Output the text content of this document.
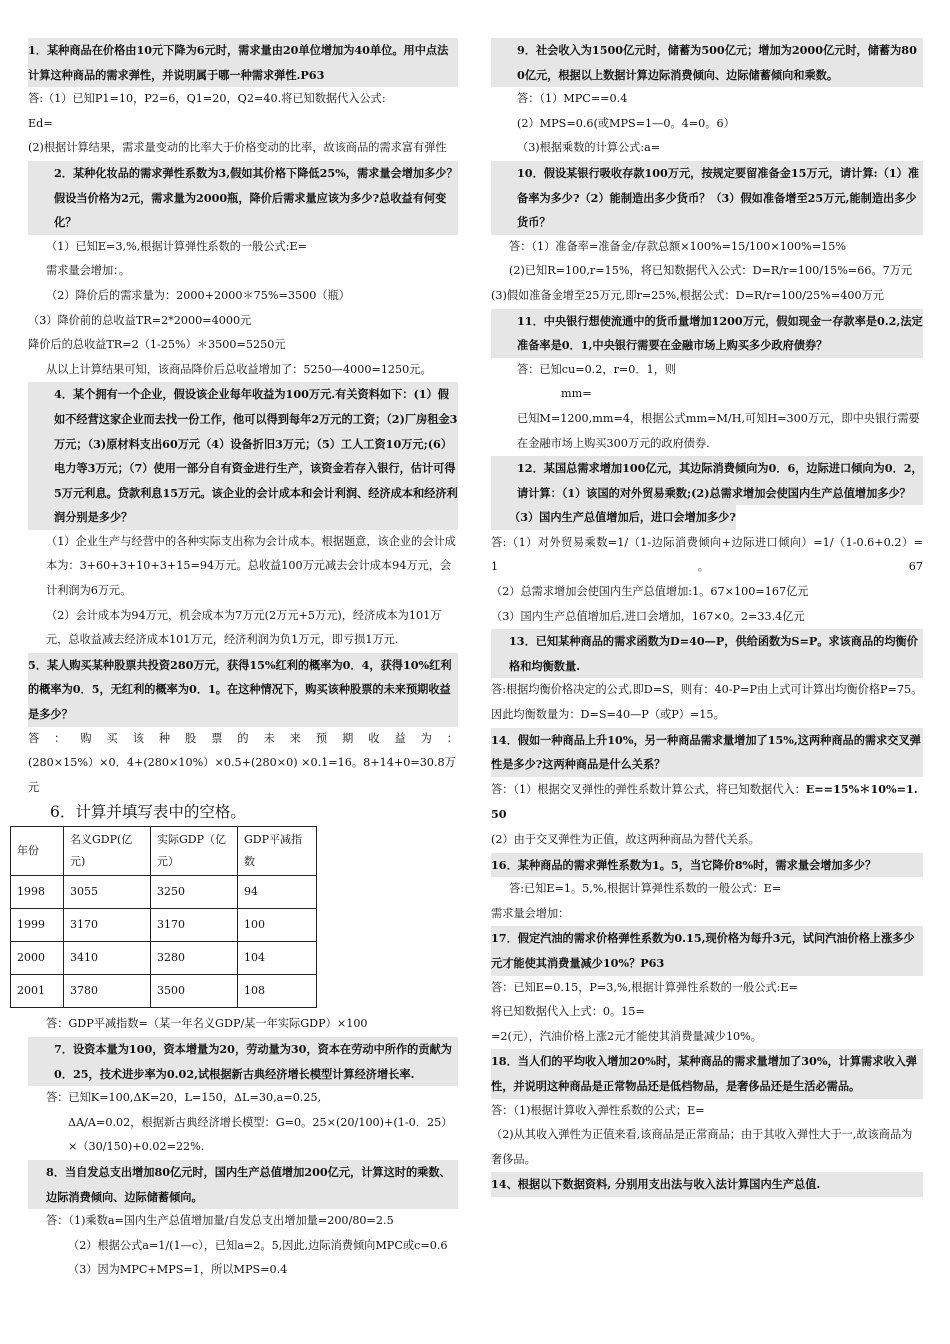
1．某种商品在价格由10元下降为6元时，需求量由20单位增加为40单位。用中点法计算这种商品的需求弹性，并说明属于哪一种需求弹性.P63

答:（1）已知P1=10，P2=6，Q1=20，Q2=40.将已知数据代入公式:

Ed=

(2)根据计算结果，需求量变动的比率大于价格变动的比率，故该商品的需求富有弹性

2．某种化妆品的需求弹性系数为3,假如其价格下降低25%，需求量会增加多少？假设当价格为2元，需求量为2000瓶，降价后需求量应该为多少?总收益有何变化？

（1）已知E=3,%,根据计算弹性系数的一般公式:E=

需求量会增加：。

（2）降价后的需求量为：2000+2000＊75%=3500（瓶）

（3）降价前的总收益TR=2*2000=4000元

降价后的总收益TR=2（1-25%）＊3500=5250元

从以上计算结果可知，该商品降价后总收益增加了：5250—4000=1250元。

4．某个拥有一个企业，假设该企业每年收益为100万元.有关资料如下：(1）假如不经营这家企业而去找一份工作，他可以得到每年2万元的工资；（2)厂房租金3万元；（3)原材料支出60万元（4）设备折旧3万元；（5）工人工资10万元;(6）电力等3万元；（7）使用一部分自有资金进行生产，该资金若存入银行，估计可得5万元利息。贷款利息15万元。该企业的会计成本和会计利润、经济成本和经济利润分别是多少？

（1）企业生产与经营中的各种实际支出称为会计成本。根据题意，该企业的会计成本为：3+60+3+10+3+15=94万元。总收益100万元减去会计成本94万元，会计利润为6万元。

（2）会计成本为94万元，机会成本为7万元(2万元+5万元)，经济成本为101万元，总收益减去经济成本101万元，经济利润为负1万元，即亏损1万元.

5．某人购买某种股票共投资280万元，获得15%红利的概率为0．4，获得10%红利的概率为0．5，无红利的概率为0．1。在这种情况下，购买该种股票的未来预期收益是多少？

答：购买该种股票的未来预期收益为：

(280×15%）×0．4+(280×10%）×0.5+(280×0) ×0.1=16。8+14+0=30.8万元

6．计算并填写表中的空格。

年份	名义GDP(亿元)	实际GDP（亿元）	GDP平减指数
1998	3055	3250	94
1999	3170	3170	100
2000	3410	3280	104
2001	3780	3500	108

答：GDP平减指数=（某一年名义GDP/某一年实际GDP）×100

7．设资本量为100，资本增量为20，劳动量为30，资本在劳动中所作的贡献为0．25，技术进步率为0.02,试根据新古典经济增长模型计算经济增长率.

答：已知K=100,ΔK=20，L=150，ΔL=30,a=0.25,

ΔA/A=0.02，根据新古典经济增长模型：G=0。25×(20/100)+(1-0．25）×（30/150)+0.02=22%.

8．当自发总支出增加80亿元时，国内生产总值增加200亿元，计算这时的乘数、边际消费倾向、边际储蓄倾向。

答：（1)乘数a=国内生产总值增加量/自发总支出增加量=200/80=2.5

（2）根据公式a=1/(1—c），已知a=2。5,因此,边际消费倾向MPC或c=0.6

（3）因为MPC+MPS=1，所以MPS=0.4

9．社会收入为1500亿元时，储蓄为500亿元；增加为2000亿元时，储蓄为800亿元，根据以上数据计算边际消费倾向、边际储蓄倾向和乘数。

答：（1）MPC==0.4

(2）MPS=0.6(或MPS=1—0。4=0。6）

（3)根据乘数的计算公式:a=

10．假设某银行吸收存款100万元，按规定要留准备金15万元，请计算:（1）准备率为多少?（2）能制造出多少货币？（3）假如准备增至25万元,能制造出多少货币？

答：（1）准备率=准备金/存款总额×100%=15/100×100%=15%

(2)已知R=100,r=15%，将已知数据代入公式：D=R/r=100/15%=66。7万元

(3)假如准备金增至25万元,即r=25%,根据公式：D=R/r=100/25%=400万元

11．中央银行想使流通中的货币量增加1200万元，假如现金一存款率是0.2,法定准备率是0．1,中央银行需要在金融市场上购买多少政府债券？

答：已知cu=0.2，r=0．1，则

mm=

已知M=1200,mm=4，根据公式mm=M/H,可知H=300万元，即中央银行需要在金融市场上购买300万元的政府债券.

12．某国总需求增加100亿元，其边际消费倾向为0．6，边际进口倾向为0．2，请计算：（1）该国的对外贸易乘数;(2)总需求增加会使国内生产总值增加多少？

（3）国内生产总值增加后，进口会增加多少?

答:（1）对外贸易乘数=1/（1-边际消费倾向+边际进口倾向）=1/（1-0.6+0.2）=1。67

（2）总需求增加会使国内生产总值增加:1。67×100=167亿元

（3）国内生产总值增加后,进口会增加，167×0。2=33.4亿元

13．已知某种商品的需求函数为D=40—P，供给函数为S=P。求该商品的均衡价格和均衡数量.

答:根据均衡价格决定的公式,即D=S，则有：40-P=P由上式可计算出均衡价格P=75。

因此均衡数量为：D=S=40—P（或P）=15。

14．假如一种商品上升10%，另一种商品需求量增加了15%,这两种商品的需求交叉弹性是多少?这两种商品是什么关系？

答：（1）根据交叉弹性的弹性系数计算公式，将已知数据代入：E==15%＊10%=1.50

(2）由于交叉弹性为正值，故这两种商品为替代关系。

16．某种商品的需求弹性系数为1。5，当它降价8%时，需求量会增加多少？

答:已知E=1。5,%,根据计算弹性系数的一般公式：E=

需求量会增加：

17．假定汽油的需求价格弹性系数为0.15,现价格为每升3元，试问汽油价格上涨多少元才能使其消费量减少10%？P63

答：已知E=0.15，P=3,%,根据计算弹性系数的一般公式:E=

将已知数据代入上式：0。15=

=2(元），汽油价格上涨2元才能使其消费量减少10%。

18．当人们的平均收入增加20%时，某种商品的需求量增加了30%，计算需求收入弹性，并说明这种商品是正常物品还是低档物品，是奢侈品还是生活必需品。

答：（1)根据计算收入弹性系数的公式；E=

（2)从其收入弹性为正值来看,该商品是正常商品；由于其收入弹性大于一,故该商品为奢侈品。

14、根据以下数据资料, 分别用支出法与收入法计算国内生产总值.
